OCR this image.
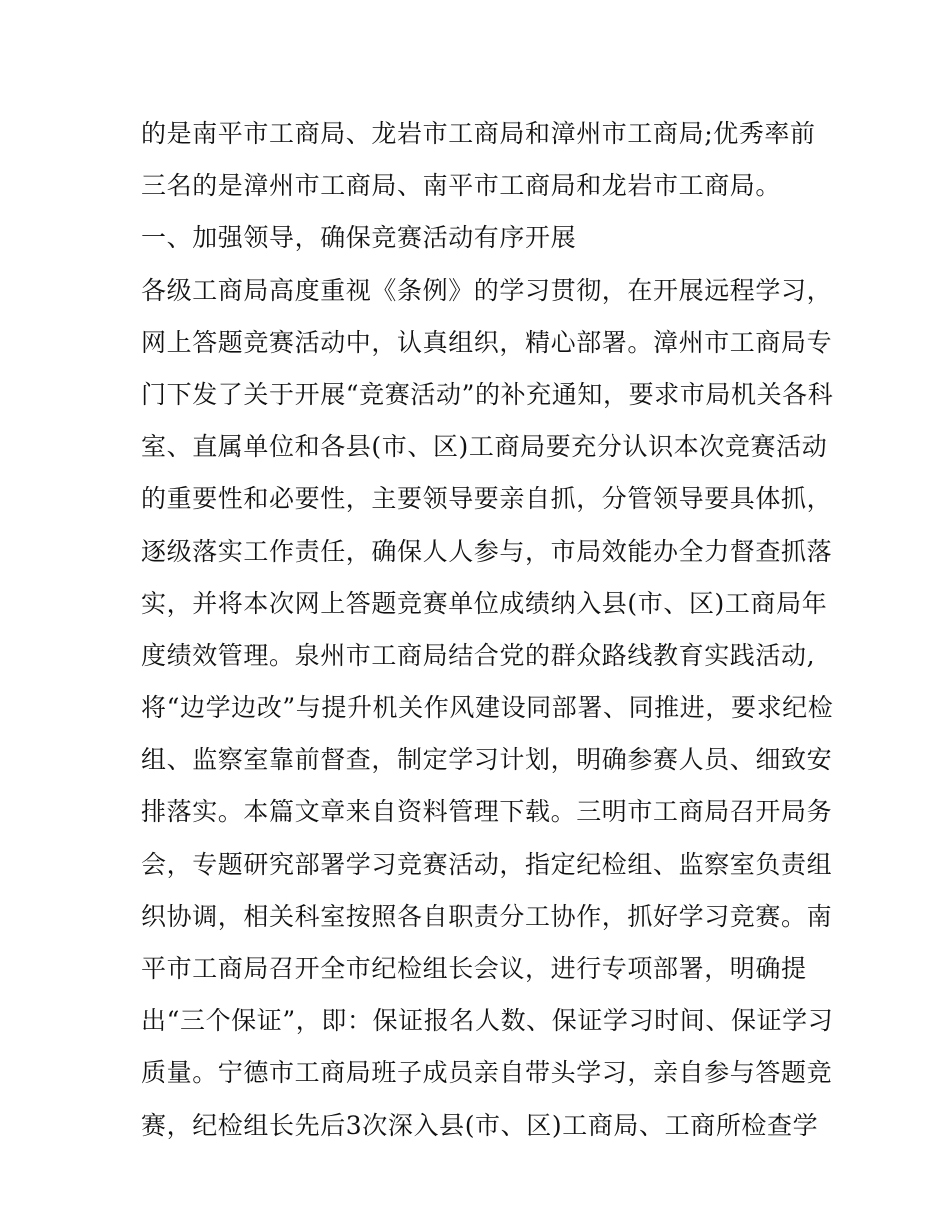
的是南平市工商局、龙岩市工商局和漳州市工商局;优秀率前
三名的是漳州市工商局、南平市工商局和龙岩市工商局。
一、加强领导，确保竞赛活动有序开展
各级工商局高度重视《条例》的学习贯彻，在开展远程学习，
网上答题竞赛活动中，认真组织，精心部署。漳州市工商局专
门下发了关于开展“竞赛活动”的补充通知，要求市局机关各科
室、直属单位和各县(市、区)工商局要充分认识本次竞赛活动
的重要性和必要性，主要领导要亲自抓，分管领导要具体抓，
逐级落实工作责任，确保人人参与，市局效能办全力督查抓落
实，并将本次网上答题竞赛单位成绩纳入县(市、区)工商局年
度绩效管理。泉州市工商局结合党的群众路线教育实践活动,
将“边学边改”与提升机关作风建设同部署、同推进，要求纪检
组、监察室靠前督查，制定学习计划，明确参赛人员、细致安
排落实。本篇文章来自资料管理下载。三明市工商局召开局务
会，专题研究部署学习竞赛活动，指定纪检组、监察室负责组
织协调，相关科室按照各自职责分工协作，抓好学习竞赛。南
平市工商局召开全市纪检组长会议，进行专项部署，明确提
出“三个保证”，即：保证报名人数、保证学习时间、保证学习
质量。宁德市工商局班子成员亲自带头学习，亲自参与答题竞
赛，纪检组长先后3次深入县(市、区)工商局、工商所检查学
